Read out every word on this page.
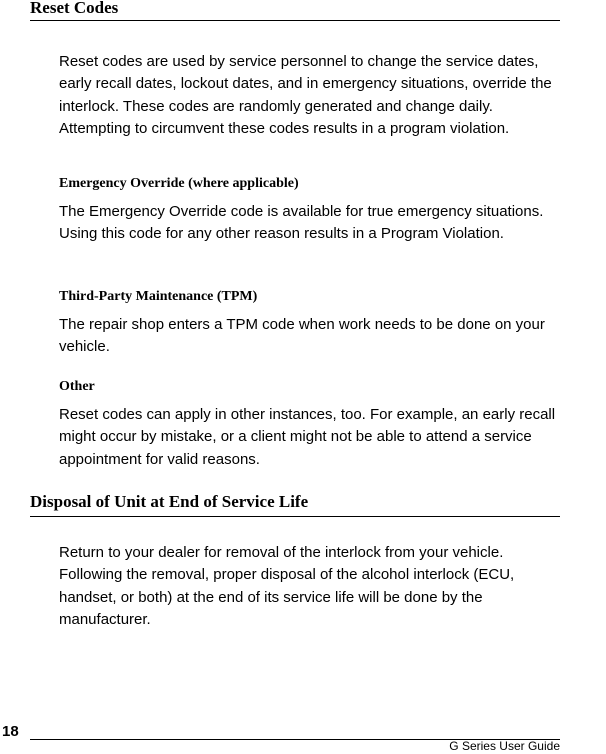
Reset Codes

Reset codes are used by service personnel to change the service dates, early recall dates, lockout dates, and in emergency situations, override the interlock. These codes are randomly generated and change daily. Attempting to circumvent these codes results in a program violation.

Emergency Override (where applicable)

The Emergency Override code is available for true emergency situations. Using this code for any other reason results in a Program Violation.

Third-Party Maintenance (TPM)

The repair shop enters a TPM code when work needs to be done on your vehicle.

Other

Reset codes can apply in other instances, too. For example, an early recall might occur by mistake, or a client might not be able to attend a service appointment for valid reasons.

Disposal of Unit at End of Service Life

Return to your dealer for removal of the interlock from your vehicle. Following the removal, proper disposal of the alcohol interlock (ECU, handset, or both) at the end of its service life will be done by the manufacturer.

18
G Series User Guide
